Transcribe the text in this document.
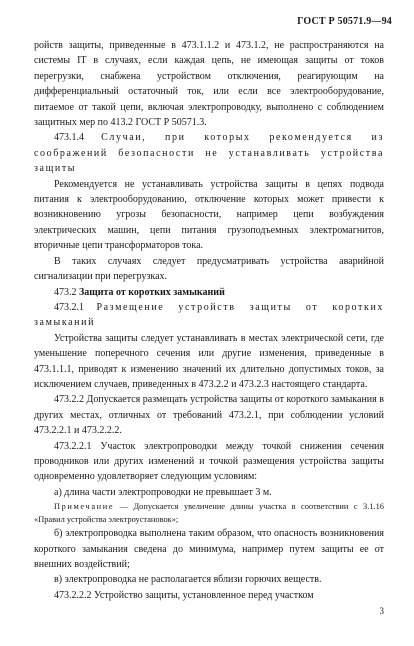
ГОСТ Р 50571.9—94

ройств защиты, приведенные в 473.1.1.2 и 473.1.2, не распространяются на системы IT в случаях, если каждая цепь, не имеющая защиты от токов перегрузки, снабжена устройством отключения, реагирующим на дифференциальный остаточный ток, или если все электрооборудование, питаемое от такой цепи, включая электропроводку, выполнено с соблюдением защитных мер по 413.2 ГОСТ Р 50571.3.

473.1.4 Случаи, при которых рекомендуется из соображений безопасности не устанавливать устройства защиты

Рекомендуется не устанавливать устройства защиты в цепях подвода питания к электрооборудованию, отключение которых может привести к возникновению угрозы безопасности, например цепи возбуждения электрических машин, цепи питания грузоподъемных электромагнитов, вторичные цепи трансформаторов тока.

В таких случаях следует предусматривать устройства аварийной сигнализации при перегрузках.

473.2 Защита от коротких замыканий

473.2.1 Размещение устройств защиты от коротких замыканий

Устройства защиты следует устанавливать в местах электрической сети, где уменьшение поперечного сечения или другие изменения, приведенные в 473.1.1.1, приводят к изменению значений их длительно допустимых токов, за исключением случаев, приведенных в 473.2.2 и 473.2.3 настоящего стандарта.

473.2.2 Допускается размещать устройства защиты от короткого замыкания в других местах, отличных от требований 473.2.1, при соблюдении условий 473.2.2.1 и 473.2.2.2.

473.2.2.1 Участок электропроводки между точкой снижения сечения проводников или других изменений и точкой размещения устройства защиты одновременно удовлетворяет следующим условиям:

а) длина части электропроводки не превышает 3 м.

Примечание — Допускается увеличение длины участка в соответствии с 3.1.16 «Правил устройства электроустановок»;

б) электропроводка выполнена таким образом, что опасность возникновения короткого замыкания сведена до минимума, например путем защиты ее от внешних воздействий;

в) электропроводка не располагается вблизи горючих веществ.

473.2.2.2 Устройство защиты, установленное перед участком

3
